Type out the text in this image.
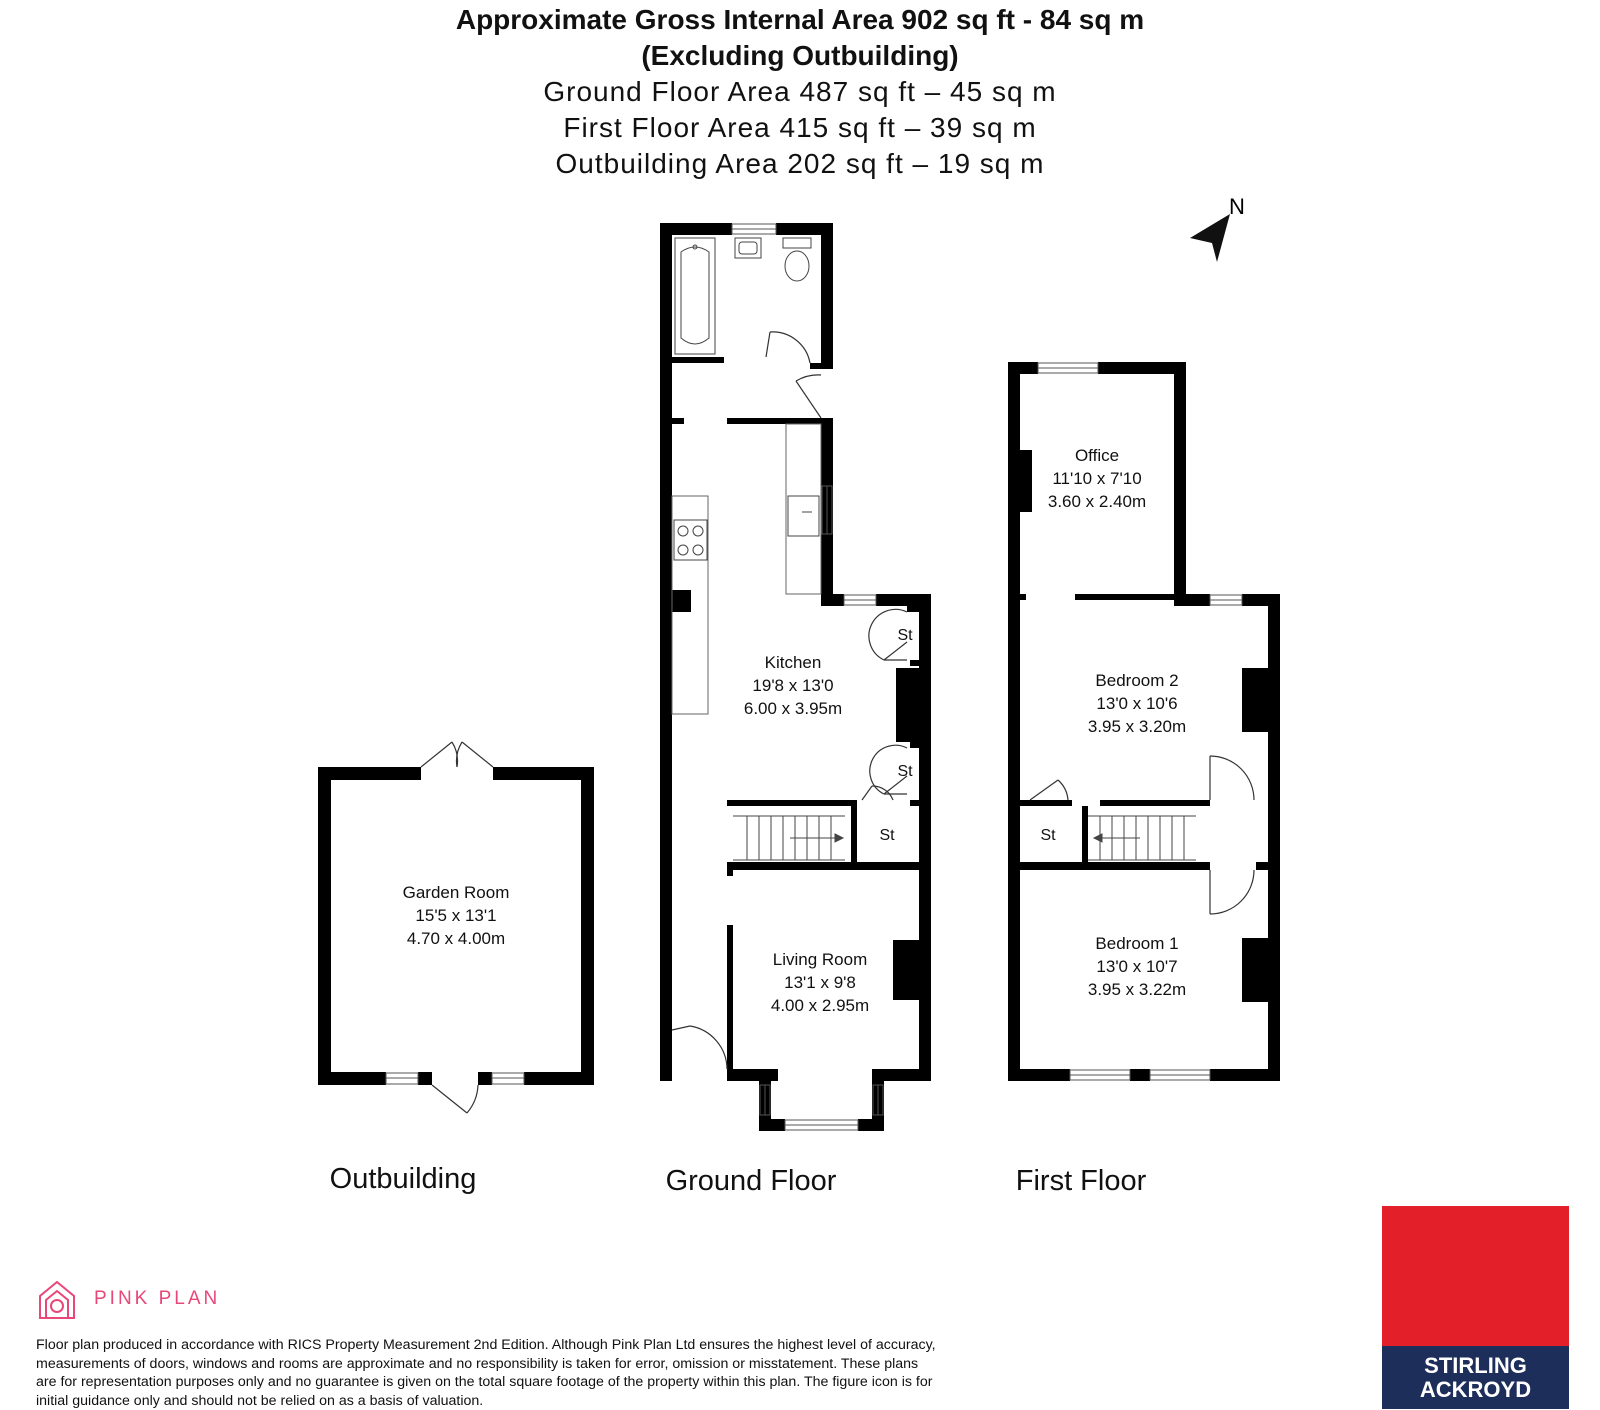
Approximate Gross Internal Area 902 sq ft - 84 sq m
(Excluding Outbuilding)
Ground Floor Area 487 sq ft – 45 sq m
First Floor Area 415 sq ft – 39 sq m
Outbuilding Area 202 sq ft – 19 sq m
N
Garden Room
15'5 x 13'1
4.70 x 4.00m
Kitchen
19'8 x 13'0
6.00 x 3.95m
Living Room
13'1 x 9'8
4.00 x 2.95m
Office
11'10 x 7'10
3.60 x 2.40m
Bedroom 2
13'0 x 10'6
3.95 x 3.20m
Bedroom 1
13'0 x 10'7
3.95 x 3.22m
St
St
St	St
Outbuilding	Ground Floor	First Floor
PINK PLAN
Floor plan produced in accordance with RICS Property Measurement 2nd Edition. Although Pink Plan Ltd ensures the highest level of accuracy, measurements of doors, windows and rooms are approximate and no responsibility is taken for error, omission or misstatement. These plans are for representation purposes only and no guarantee is given on the total square footage of the property within this plan. The figure icon is for initial guidance only and should not be relied on as a basis of valuation.
STIRLING
ACKROYD
